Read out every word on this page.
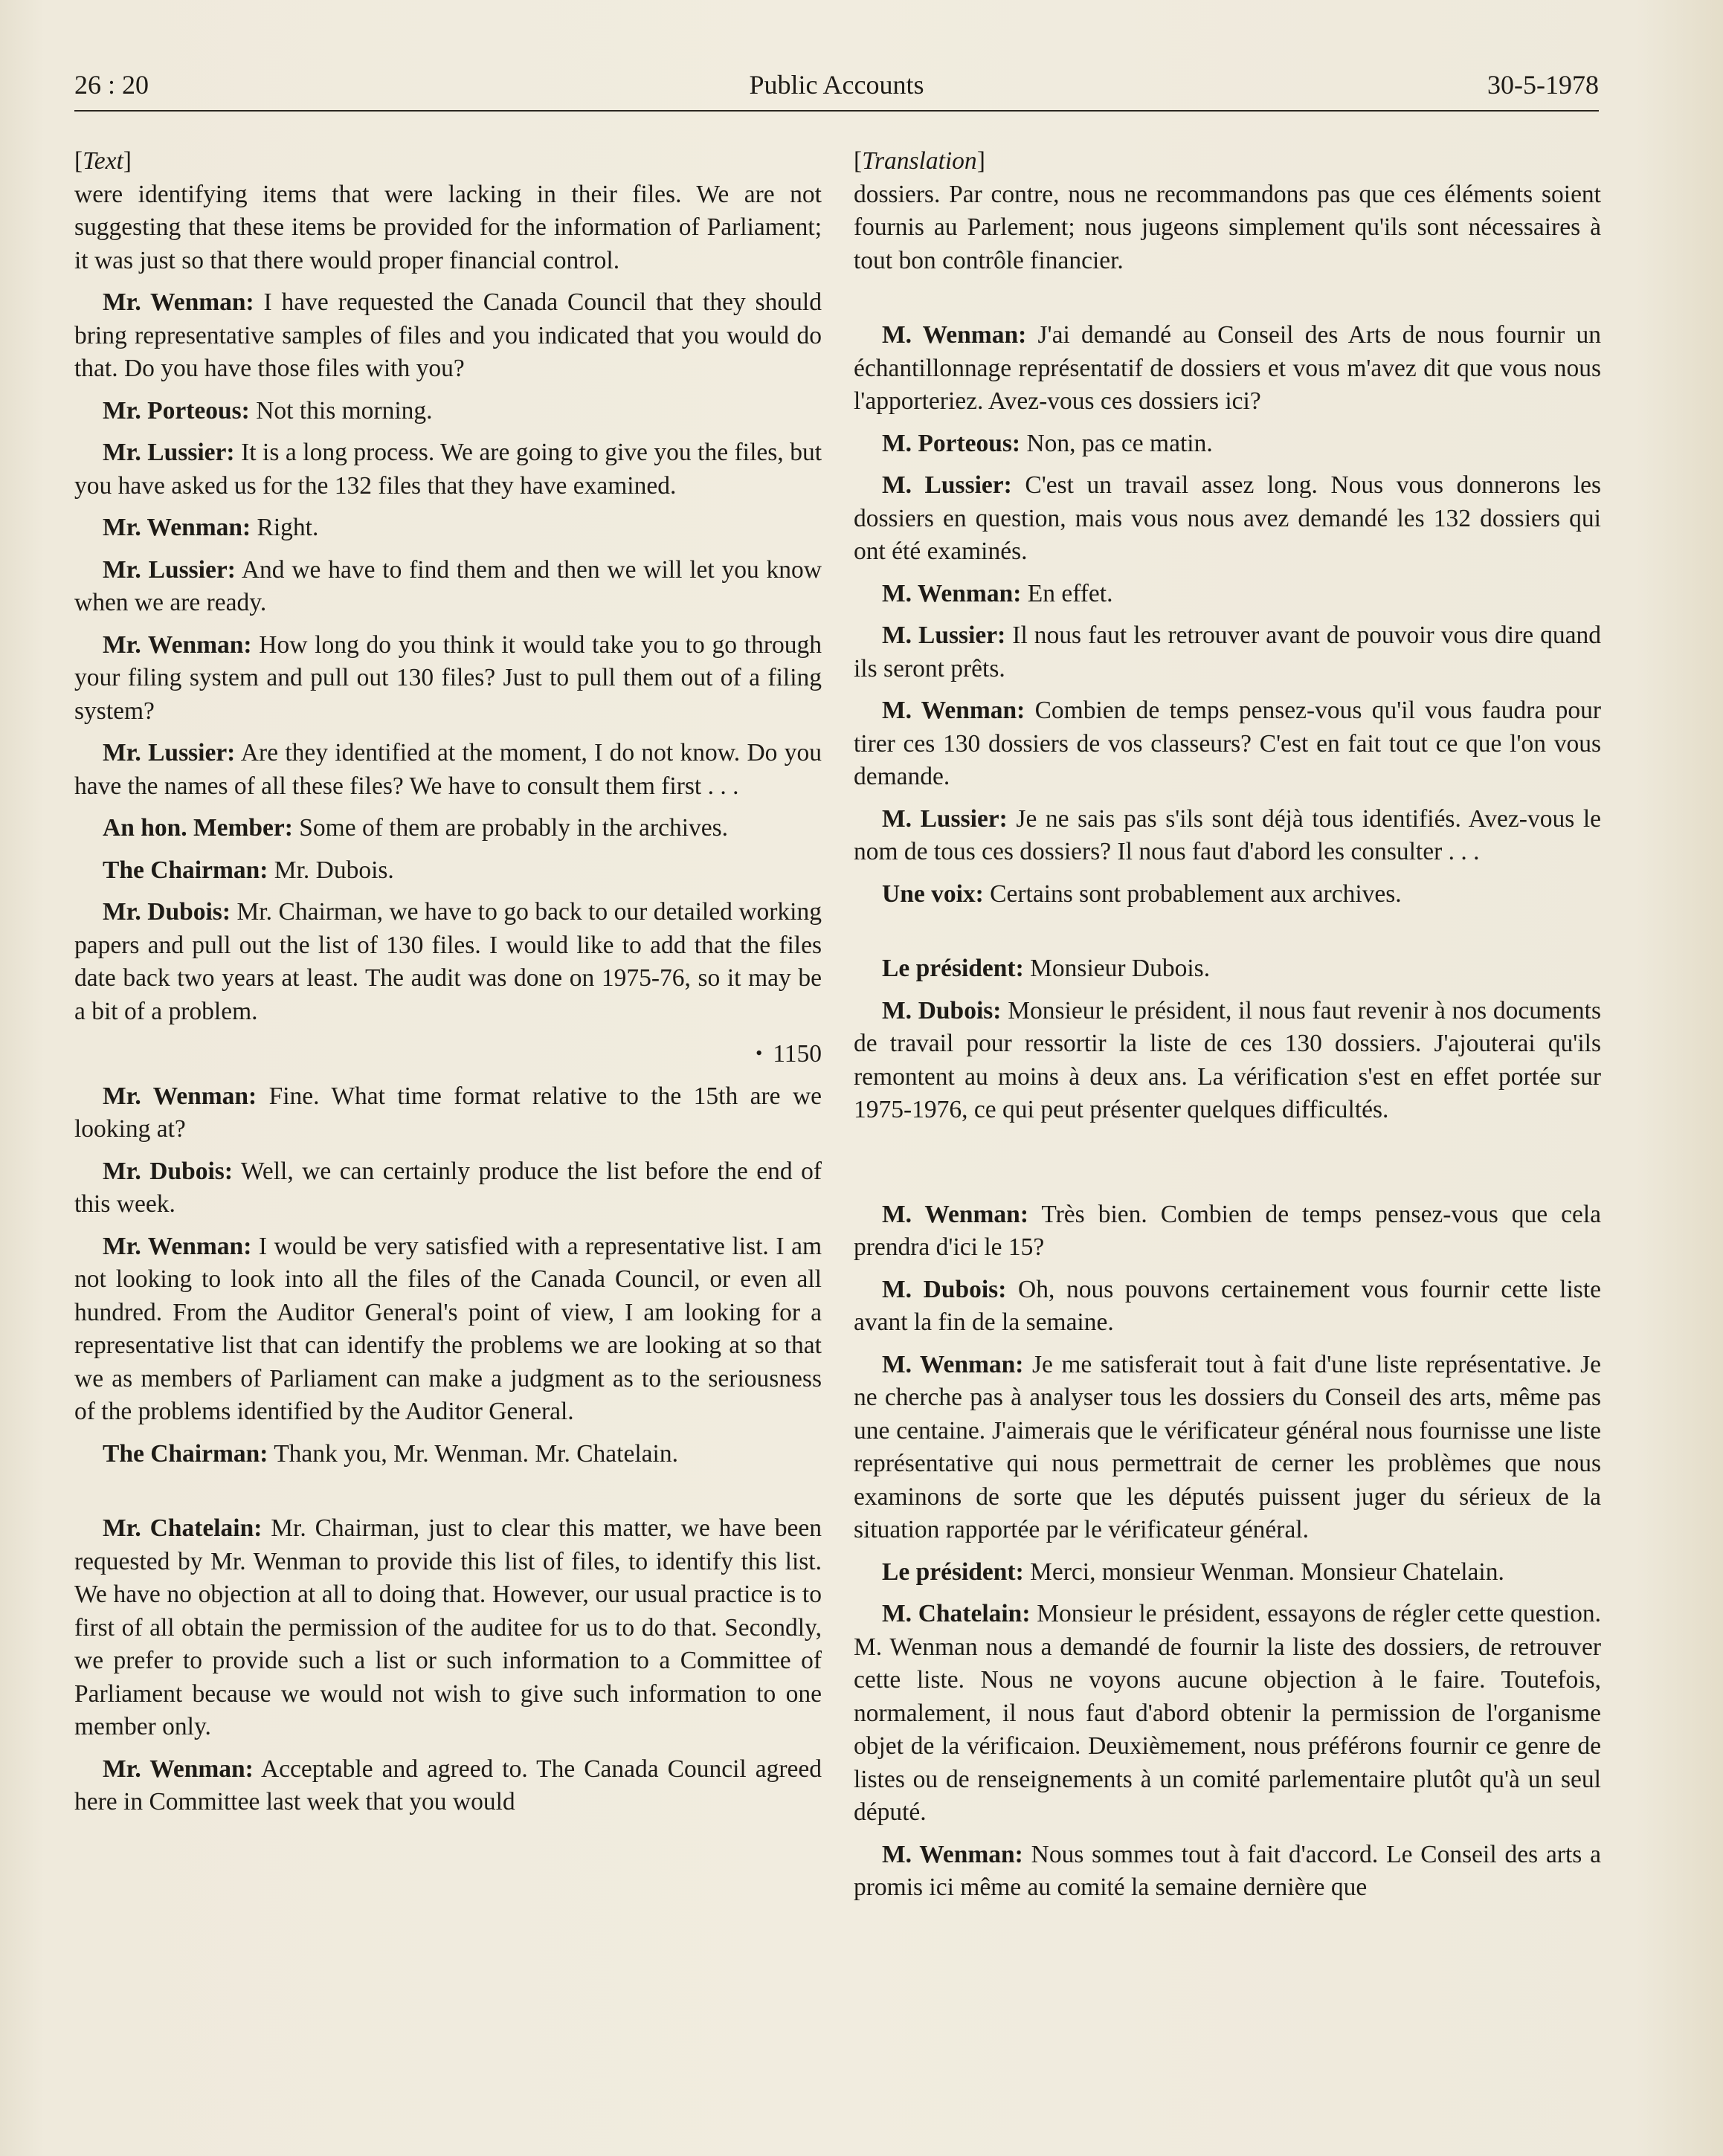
26 : 20	Public Accounts	30-5-1978

[Text]

were identifying items that were lacking in their files. We are not suggesting that these items be provided for the information of Parliament; it was just so that there would proper financial control.

Mr. Wenman: I have requested the Canada Council that they should bring representative samples of files and you indicated that you would do that. Do you have those files with you?

Mr. Porteous: Not this morning.

Mr. Lussier: It is a long process. We are going to give you the files, but you have asked us for the 132 files that they have examined.

Mr. Wenman: Right.

Mr. Lussier: And we have to find them and then we will let you know when we are ready.

Mr. Wenman: How long do you think it would take you to go through your filing system and pull out 130 files? Just to pull them out of a filing system?

Mr. Lussier: Are they identified at the moment, I do not know. Do you have the names of all these files? We have to consult them first . . .

An hon. Member: Some of them are probably in the archives.

The Chairman: Mr. Dubois.

Mr. Dubois: Mr. Chairman, we have to go back to our detailed working papers and pull out the list of 130 files. I would like to add that the files date back two years at least. The audit was done on 1975-76, so it may be a bit of a problem.

• 1150

Mr. Wenman: Fine. What time format relative to the 15th are we looking at?

Mr. Dubois: Well, we can certainly produce the list before the end of this week.

Mr. Wenman: I would be very satisfied with a representative list. I am not looking to look into all the files of the Canada Council, or even all hundred. From the Auditor General's point of view, I am looking for a representative list that can identify the problems we are looking at so that we as members of Parliament can make a judgment as to the seriousness of the problems identified by the Auditor General.

The Chairman: Thank you, Mr. Wenman. Mr. Chatelain.

Mr. Chatelain: Mr. Chairman, just to clear this matter, we have been requested by Mr. Wenman to provide this list of files, to identify this list. We have no objection at all to doing that. However, our usual practice is to first of all obtain the permission of the auditee for us to do that. Secondly, we prefer to provide such a list or such information to a Committee of Parliament because we would not wish to give such information to one member only.

Mr. Wenman: Acceptable and agreed to. The Canada Council agreed here in Committee last week that you would

[Translation]

dossiers. Par contre, nous ne recommandons pas que ces éléments soient fournis au Parlement; nous jugeons simplement qu'ils sont nécessaires à tout bon contrôle financier.

M. Wenman: J'ai demandé au Conseil des Arts de nous fournir un échantillonnage représentatif de dossiers et vous m'avez dit que vous nous l'apporteriez. Avez-vous ces dossiers ici?

M. Porteous: Non, pas ce matin.

M. Lussier: C'est un travail assez long. Nous vous donnerons les dossiers en question, mais vous nous avez demandé les 132 dossiers qui ont été examinés.

M. Wenman: En effet.

M. Lussier: Il nous faut les retrouver avant de pouvoir vous dire quand ils seront prêts.

M. Wenman: Combien de temps pensez-vous qu'il vous faudra pour tirer ces 130 dossiers de vos classeurs? C'est en fait tout ce que l'on vous demande.

M. Lussier: Je ne sais pas s'ils sont déjà tous identifiés. Avez-vous le nom de tous ces dossiers? Il nous faut d'abord les consulter . . .

Une voix: Certains sont probablement aux archives.

Le président: Monsieur Dubois.

M. Dubois: Monsieur le président, il nous faut revenir à nos documents de travail pour ressortir la liste de ces 130 dossiers. J'ajouterai qu'ils remontent au moins à deux ans. La vérification s'est en effet portée sur 1975-1976, ce qui peut présenter quelques difficultés.

M. Wenman: Très bien. Combien de temps pensez-vous que cela prendra d'ici le 15?

M. Dubois: Oh, nous pouvons certainement vous fournir cette liste avant la fin de la semaine.

M. Wenman: Je me satisferait tout à fait d'une liste représentative. Je ne cherche pas à analyser tous les dossiers du Conseil des arts, même pas une centaine. J'aimerais que le vérificateur général nous fournisse une liste représentative qui nous permettrait de cerner les problèmes que nous examinons de sorte que les députés puissent juger du sérieux de la situation rapportée par le vérificateur général.

Le président: Merci, monsieur Wenman. Monsieur Chatelain.

M. Chatelain: Monsieur le président, essayons de régler cette question. M. Wenman nous a demandé de fournir la liste des dossiers, de retrouver cette liste. Nous ne voyons aucune objection à le faire. Toutefois, normalement, il nous faut d'abord obtenir la permission de l'organisme objet de la vérificaion. Deuxièmement, nous préférons fournir ce genre de listes ou de renseignements à un comité parlementaire plutôt qu'à un seul député.

M. Wenman: Nous sommes tout à fait d'accord. Le Conseil des arts a promis ici même au comité la semaine dernière que
